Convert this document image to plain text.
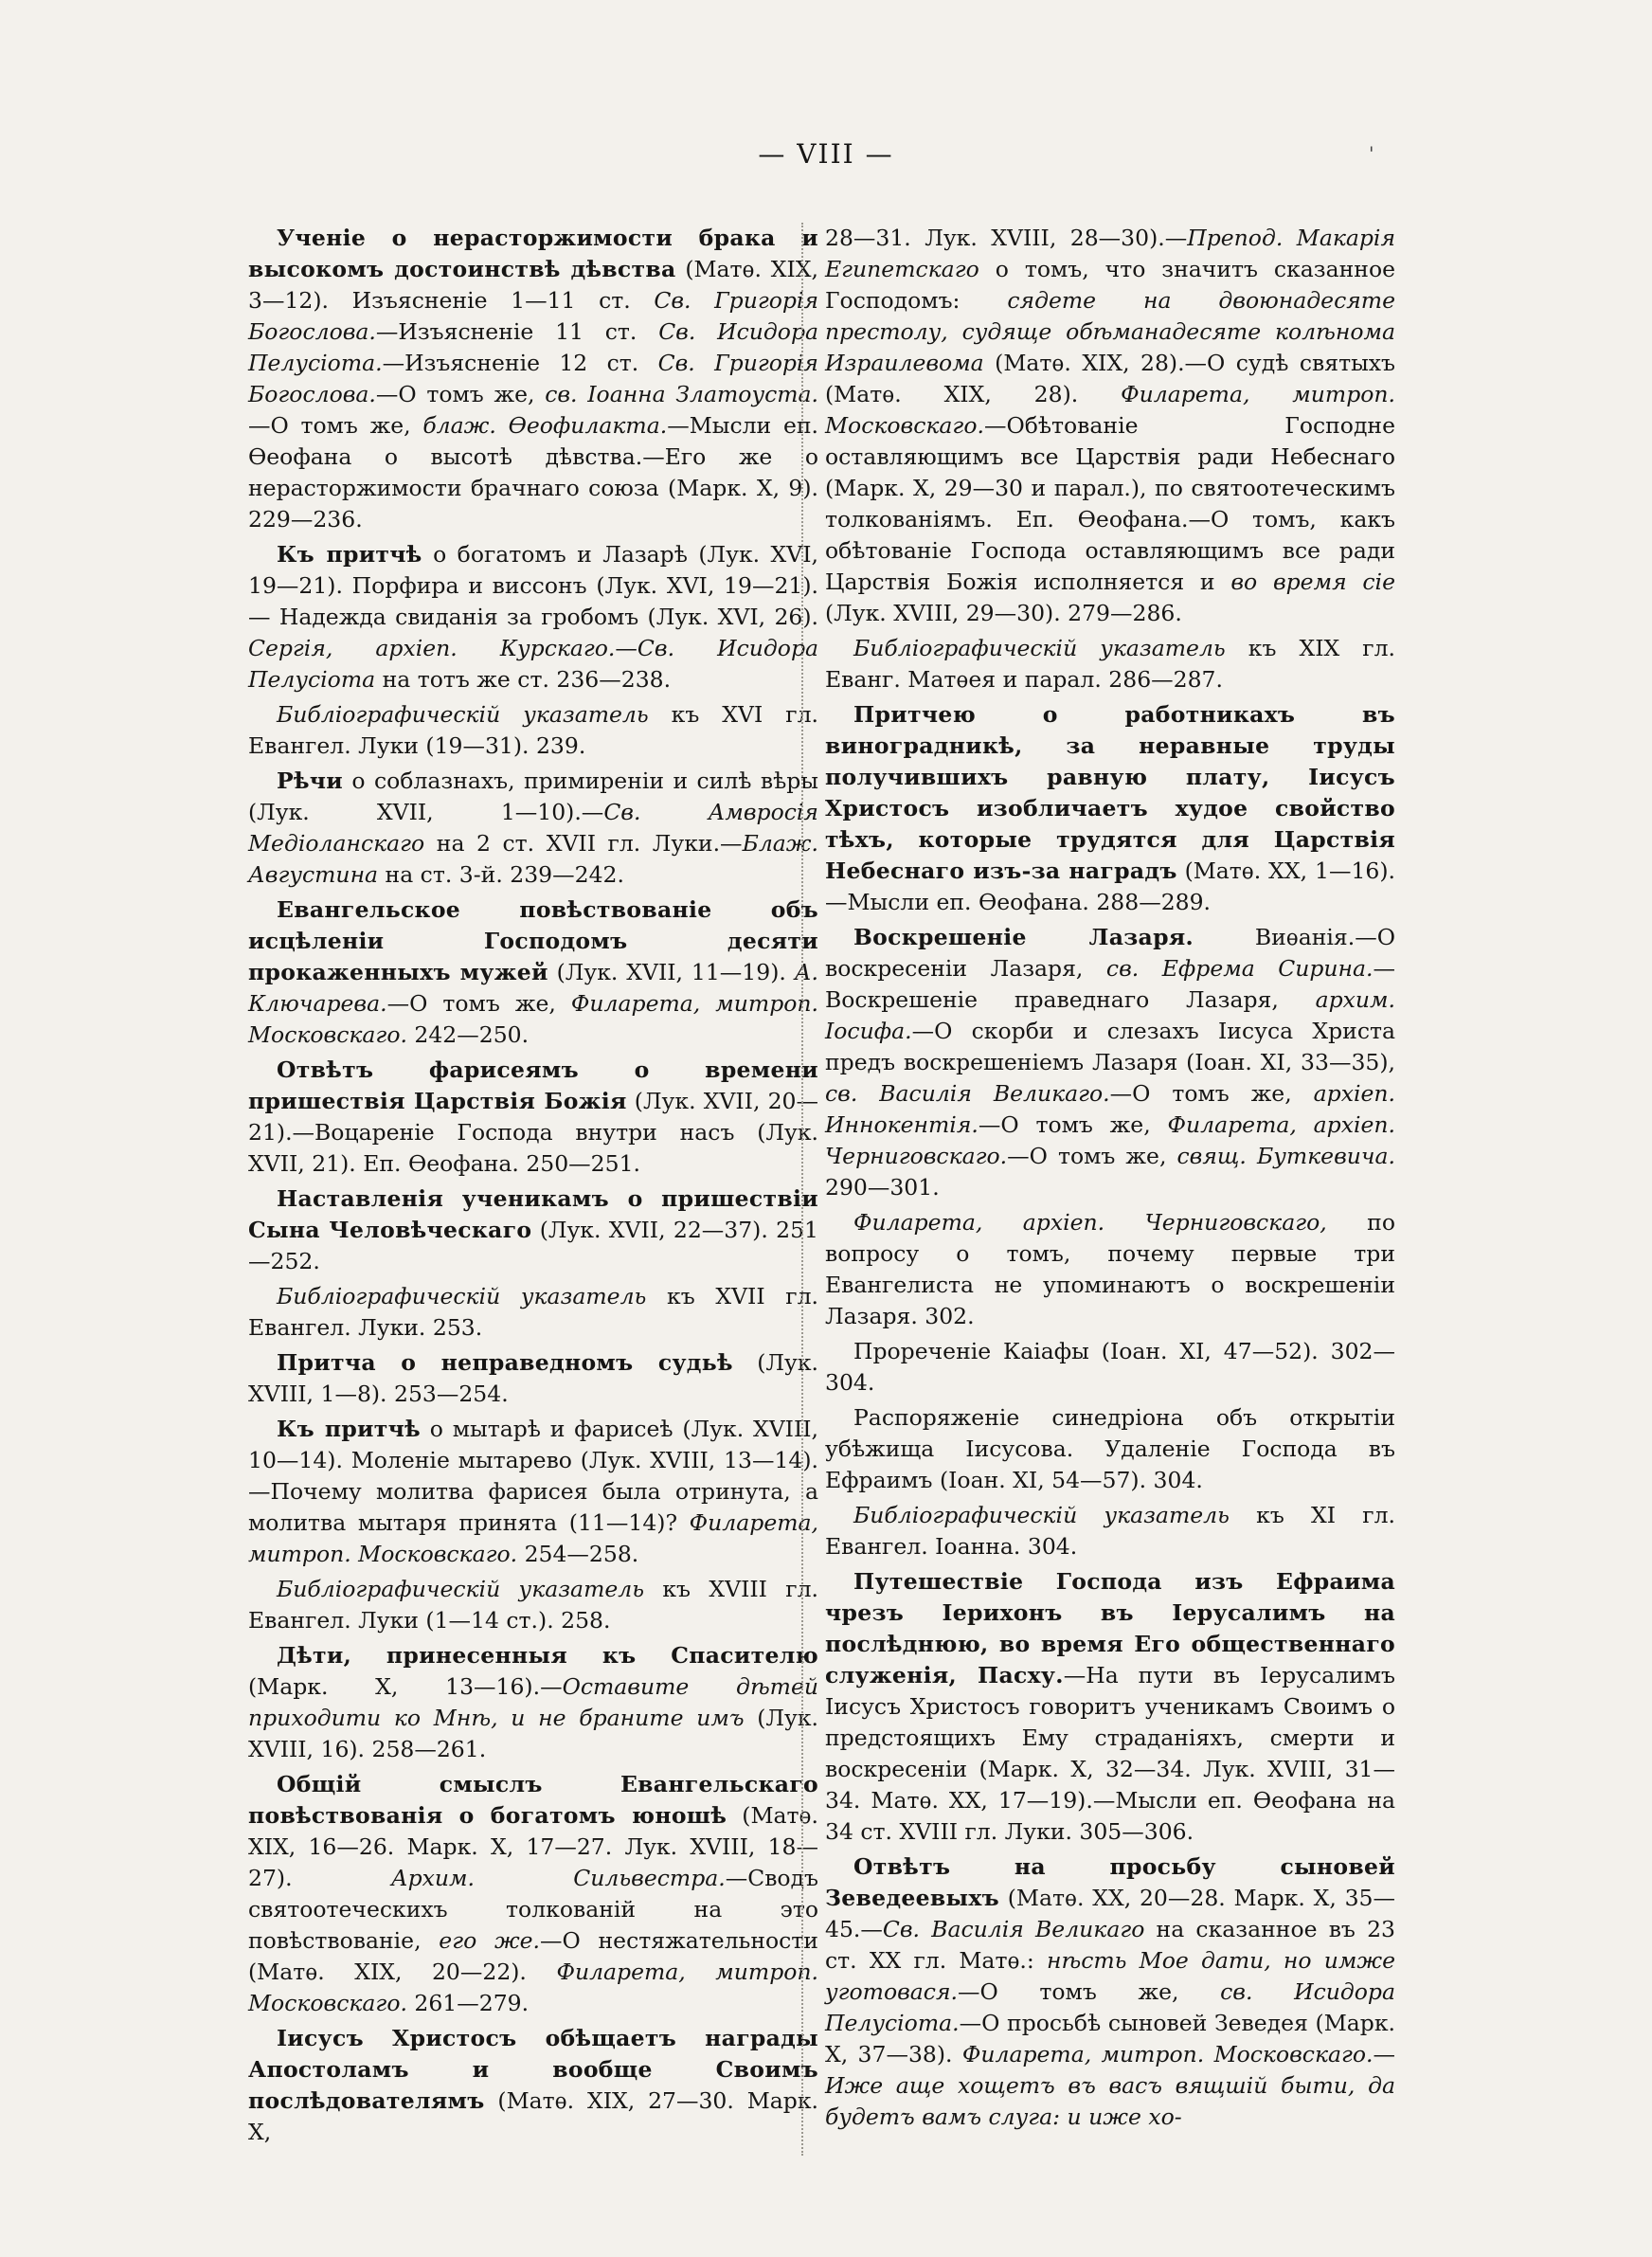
— VIII —	'

Ученіе о нерасторжимости брака и высокомъ достоинствѣ дѣвства (Матѳ. XIX, 3—12). Изъясненіе 1—11 ст. Св. Григорія Богослова.—Изъясненіе 11 ст. Св. Исидора Пелусіота.—Изъясненіе 12 ст. Св. Григорія Богослова.—О томъ же, св. Іоанна Златоуста.—О томъ же, блаж. Ѳеофилакта.—Мысли еп. Ѳеофана о высотѣ дѣвства.—Его же о нерасторжимости брачнаго союза (Марк. X, 9). 229—236.

Къ притчѣ о богатомъ и Лазарѣ (Лук. XVI, 19—21). Порфира и виссонъ (Лук. XVI, 19—21). — Надежда свиданія за гробомъ (Лук. XVI, 26). Сергія, архіеп. Курскаго.—Св. Исидора Пелусіота на тотъ же ст. 236—238.

Библіографическій указатель къ XVI гл. Евангел. Луки (19—31). 239.

Рѣчи о соблазнахъ, примиреніи и силѣ вѣры (Лук. XVII, 1—10).—Св. Амвросія Медіоланскаго на 2 ст. XVII гл. Луки.—Блаж. Августина на ст. 3-й. 239—242.

Евангельское повѣствованіе объ исцѣленіи Господомъ десяти прокаженныхъ мужей (Лук. XVII, 11—19). А. Ключарева.—О томъ же, Филарета, митроп. Московскаго. 242—250.

Отвѣтъ фарисеямъ о времени пришествія Царствія Божія (Лук. XVII, 20—21).—Воцареніе Господа внутри насъ (Лук. XVII, 21). Еп. Ѳеофана. 250—251.

Наставленія ученикамъ о пришествіи Сына Человѣческаго (Лук. XVII, 22—37). 251—252.

Библіографическій указатель къ XVII гл. Евангел. Луки. 253.

Притча о неправедномъ судьѣ (Лук. XVIII, 1—8). 253—254.

Къ притчѣ о мытарѣ и фарисеѣ (Лук. XVIII, 10—14). Моленіе мытарево (Лук. XVIII, 13—14).—Почему молитва фарисея была отринута, а молитва мытаря принята (11—14)? Филарета, митроп. Московскаго. 254—258.

Библіографическій указатель къ XVIII гл. Евангел. Луки (1—14 ст.). 258.

Дѣти, принесенныя къ Спасителю (Марк. X, 13—16).—Оставите дѣтей приходити ко Мнѣ, и не браните имъ (Лук. XVIII, 16). 258—261.

Общій смыслъ Евангельскаго повѣствованія о богатомъ юношѣ (Матѳ. XIX, 16—26. Марк. X, 17—27. Лук. XVIII, 18—27). Архим. Сильвестра.—Сводъ святоотеческихъ толкованій на это повѣствованіе, его же.—О нестяжательности (Матѳ. XIX, 20—22). Филарета, митроп. Московскаго. 261—279.

Іисусъ Христосъ обѣщаетъ награды Апостоламъ и вообще Своимъ послѣдователямъ (Матѳ. XIX, 27—30. Марк. X,

28—31. Лук. XVIII, 28—30).—Препод. Макарія Египетскаго о томъ, что значитъ сказанное Господомъ: сядете на двоюнадесяте престолу, судяще обѣманадесяте колѣнома Израилевома (Матѳ. XIX, 28).—О судѣ святыхъ (Матѳ. XIX, 28). Филарета, митроп. Московскаго.—Обѣтованіе Господне оставляющимъ все Царствія ради Небеснаго (Марк. X, 29—30 и парал.), по святоотеческимъ толкованіямъ. Еп. Ѳеофана.—О томъ, какъ обѣтованіе Господа оставляющимъ все ради Царствія Божія исполняется и во время сіе (Лук. XVIII, 29—30). 279—286.

Библіографическій указатель къ XIX гл. Еванг. Матѳея и парал. 286—287.

Притчею о работникахъ въ виноградникѣ, за неравные труды получившихъ равную плату, Іисусъ Христосъ изобличаетъ худое свойство тѣхъ, которые трудятся для Царствія Небеснаго изъ-за наградъ (Матѳ. XX, 1—16).—Мысли еп. Ѳеофана. 288—289.

Воскрешеніе Лазаря. Виѳанія.—О воскресеніи Лазаря, св. Ефрема Сирина.—Воскрешеніе праведнаго Лазаря, архим. Іосифа.—О скорби и слезахъ Іисуса Христа предъ воскрешеніемъ Лазаря (Іоан. XI, 33—35), св. Василія Великаго.—О томъ же, архіеп. Иннокентія.—О томъ же, Филарета, архіеп. Черниговскаго.—О томъ же, свящ. Буткевича. 290—301.

Филарета, архіеп. Черниговскаго, по вопросу о томъ, почему первые три Евангелиста не упоминаютъ о воскрешеніи Лазаря. 302.

Прореченіе Каіафы (Іоан. XI, 47—52). 302—304.

Распоряженіе синедріона объ открытіи убѣжища Іисусова. Удаленіе Господа въ Ефраимъ (Іоан. XI, 54—57). 304.

Библіографическій указатель къ XI гл. Евангел. Іоанна. 304.

Путешествіе Господа изъ Ефраима чрезъ Іерихонъ въ Іерусалимъ на послѣднюю, во время Его общественнаго служенія, Пасху.—На пути въ Іерусалимъ Іисусъ Христосъ говоритъ ученикамъ Своимъ о предстоящихъ Ему страданіяхъ, смерти и воскресеніи (Марк. X, 32—34. Лук. XVIII, 31—34. Матѳ. XX, 17—19).—Мысли еп. Ѳеофана на 34 ст. XVIII гл. Луки. 305—306.

Отвѣтъ на просьбу сыновей Зеведеевыхъ (Матѳ. XX, 20—28. Марк. X, 35—45.—Св. Василія Великаго на сказанное въ 23 ст. XX гл. Матѳ.: нѣсть Мое дати, но имже уготовася.—О томъ же, св. Исидора Пелусіота.—О просьбѣ сыновей Зеведея (Марк. X, 37—38). Филарета, митроп. Московскаго.—Иже аще хощетъ въ васъ вящшій быти, да будетъ вамъ слуга: и иже хо-
